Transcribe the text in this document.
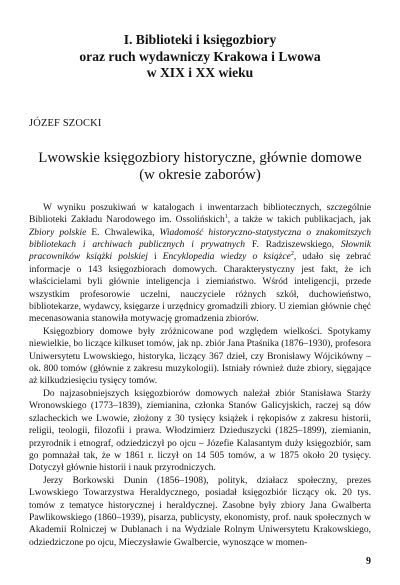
I. Biblioteki i księgozbiory
oraz ruch wydawniczy Krakowa i Lwowa
w XIX i XX wieku
JÓZEF SZOCKI
Lwowskie księgozbiory historyczne, głównie domowe
(w okresie zaborów)

W wyniku poszukiwań w katalogach i inwentarzach bibliotecznych, szczególnie Biblioteki Zakładu Narodowego im. Ossolińskich$^1$, a także w takich publikacjach, jak Zbiory polskie E. Chwalewika, Wiadomość historyczno-statystyczna o znakomitszych bibliotekach i archiwach publicznych i prywatnych F. Radziszewskiego, Słownik pracowników książki polskiej i Encyklopedia wiedzy o książce$^2$, udało się zebrać informacje o 143 księgozbiorach domowych. Charakterystyczny jest fakt, że ich właścicielami byli głównie inteligencja i ziemiaństwo. Wśród inteligencji, przede wszystkim profesorowie uczelni, nauczyciele różnych szkół, duchowieństwo, bibliotekarze, wydawcy, księgarze i urzędnicy gromadzili zbiory. U ziemian głównie chęć mecenasowania stanowiła motywację gromadzenia zbiorów.

Księgozbiory domowe były zróżnicowane pod względem wielkości. Spotykamy niewielkie, bo liczące kilkuset tomów, jak np. zbiór Jana Ptaśnika (1876–1930), profesora Uniwersytetu Lwowskiego, historyka, liczący 367 dzieł, czy Bronisławy Wójcikówny – ok. 800 tomów (głównie z zakresu muzykologii). Istniały również duże zbiory, sięgające aż kilkudziesięciu tysięcy tomów.

Do najzasobniejszych księgozbiorów domowych należał zbiór Stanisława Starży Wronowskiego (1773–1839), ziemianina, członka Stanów Galicyjskich, raczej są dów szlacheckich we Lwowie, złożony z 30 tysięcy książek i rękopisów z zakresu historii, religii, teologii, filozofii i prawa. Włodzimierz Dzieduszycki (1825–1899), ziemianin, przyrodnik i etnograf, odziedziczył po ojcu – Józefie Kalasantym duży księgozbiór, sam go pomnażał tak, że w 1861 r. liczył on 14 505 tomów, a w 1875 około 20 tysięcy. Dotyczył głównie historii i nauk przyrodniczych.

Jerzy Borkowski Dunin (1856–1908), polityk, działacz społeczny, prezes Lwowskiego Towarzystwa Heraldycznego, posiadał księgozbiór liczący ok. 20 tys. tomów z tematyce historycznej i heraldycznej. Zasobne były zbiory Jana Gwalberta Pawlikowskiego (1860–1939), pisarza, publicysty, ekonomisty, prof. nauk społecznych w Akademii Rolniczej w Dublanach i na Wydziale Rolnym Uniwersytetu Krakowskiego, odziedziczone po ojcu, Mieczysławie Gwalbercie, wynoszące w momen-

9
